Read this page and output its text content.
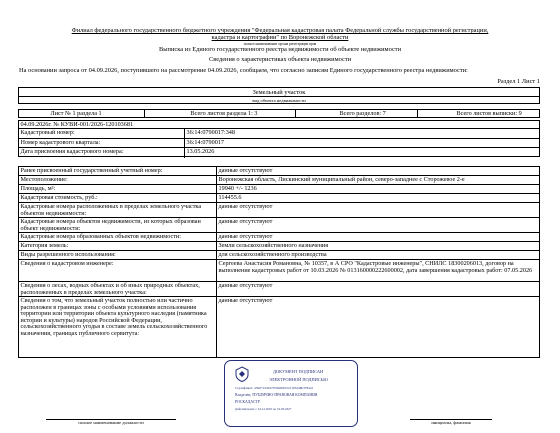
Филиал федерального государственного бюджетного учреждения "Федеральная кадастровая палата Федеральной службы государственной регистрации,
кадастра и картографии" по Воронежской области
полное наименование органа регистрации прав
Выписка из Единого государственного реестра недвижимости об объекте недвижимости
Сведения о характеристиках объекта недвижимости
На основании запроса от 04.09.2026, поступившего на рассмотрение 04.09.2026, сообщаем, что согласно записям Единого государственного реестра недвижимости:
Раздел 1 Лист 1
Земельный участок
вид объекта недвижимости
Лист № 1 раздела 1	Всего листов раздела 1: 3	Всего разделов: 7	Всего листов выписки: 9
04.09.2026г. № КУВИ-001/2026-120103681
Кадастровый номер:	36:14:0790017:348
Номер кадастрового квартала:	36:14:0790017
Дата присвоения кадастрового номера:	13.05.2026
Ранее присвоенный государственный учетный номер:	данные отсутствуют
Местоположение:	Воронежская область, Лискинский муниципальный район, северо-западнее с Сторожевое 2-е
Площадь, м²:	19940 +/- 1236
Кадастровая стоимость, руб.:	114455.6
Кадастровые номера расположенных в пределах земельного участка объектов недвижимости:
данные отсутствуют
Кадастровые номера объектов недвижимости, из которых образован объект недвижимости:
данные отсутствуют
Кадастровые номера образованных объектов недвижимости:	данные отсутствуют
Категория земель:	Земли сельскохозяйственного назначения
Виды разрешенного использования:	для сельскохозяйственного производства
Сведения о кадастровом инженере:	Сергеева Анастасия Романовна, № 10357, в А СРО "Кадастровые инженеры", СНИЛС 18300206013, договор на выполнение кадастровых работ от 10.03.2026 № 013160000222600002, дата завершения кадастровых работ: 07.05.2026
Сведения о лесах, водных объектах и об иных природных объектах, расположенных в пределах земельного участка:
данные отсутствуют
Сведения о том, что земельный участок полностью или частично расположен в границах зоны с особыми условиями использования территории или территории объекта культурного наследия (памятника истории и культуры) народов Российской Федерации, сельскохозяйственного угодья в составе земель сельскохозяйственного назначения, границах публичного сервитута:
данные отсутствуют
полное наименование должности	инициалы, фамилия
ДОКУМЕНТ ПОДПИСАН
ЭЛЕКТРОННОЙ ПОДПИСЬЮ
Сертификат: 459971dd3479769d691521103dd8b378441
Владелец: ПУБЛИЧНО-ПРАВОВАЯ КОМПАНИЯ
РОСКАДАСТР
Действителен: с 24.12.2025 по 19.03.2027
